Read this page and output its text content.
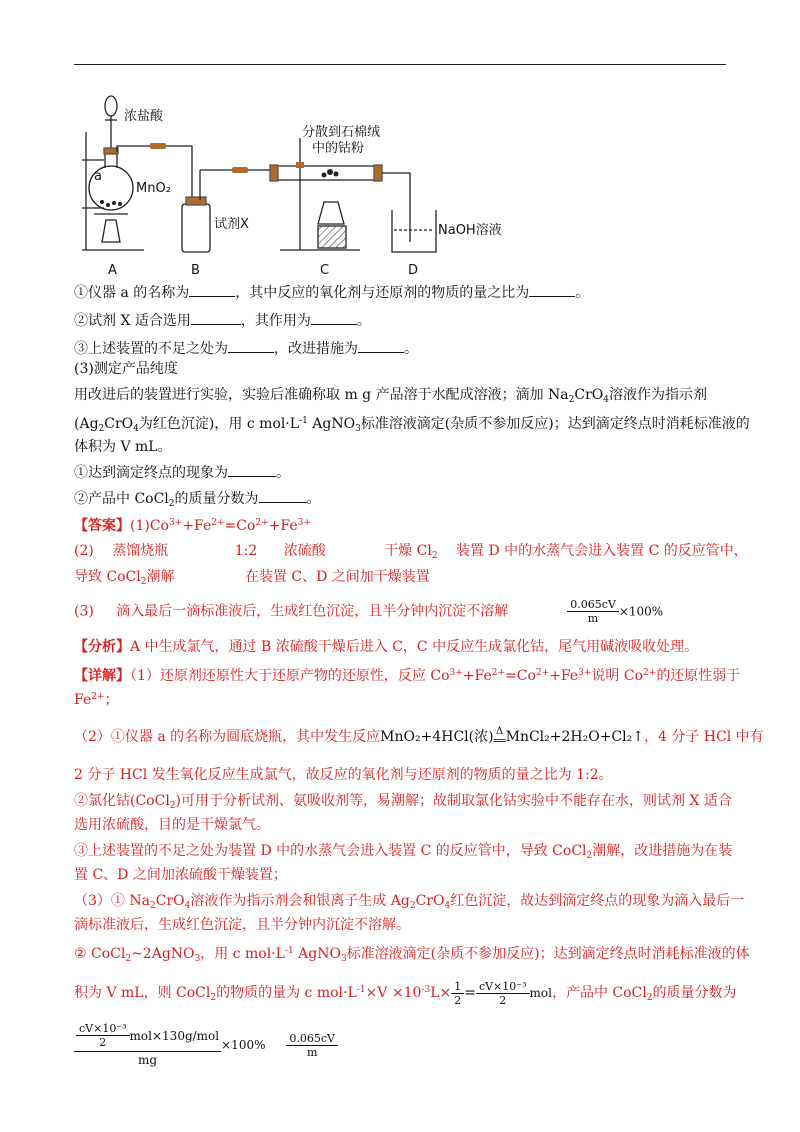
浓盐酸
分散到石棉绒
中的钴粉
MnO₂
a
试剂X	NaOH溶液
A	B	C	D
①仪器 a 的名称为	，其中反应的氧化剂与还原剂的物质的量之比为	。
②试剂 X 适合选用	，其作用为	。
③上述装置的不足之处为	，改进措施为	。
(3)测定产品纯度
用改进后的装置进行实验，实验后准确称取 m g 产品溶于水配成溶液；滴加 $Na_2CrO_4$溶液作为指示剂
($Ag_2CrO_4$为红色沉淀)，用 c $mol\cdot L^{-1}$ AgNO$_3$标准溶液滴定(杂质不参加反应)；达到滴定终点时消耗标准液的
体积为 V mL。
①达到滴定终点的现象为	。
②产品中 CoCl$_2$的质量分数为	。
【答案】$(1)Co^{3+}+Fe^{2+}=Co^{2+}+Fe^{3+}$
(2) 蒸馏烧瓶	1:2 浓硫酸	干燥 $Cl_2$ 装置 D 中的水蒸气会进入装置 C 的反应管中，
导致 CoCl$_2$潮解	在装置 C、D 之间加干燥装置
(3) 滴入最后一滴标准液后，生成红色沉淀，且半分钟内沉淀不溶解	$\frac{0.065cV}{m} \times 100\%$
【分析】A 中生成氯气，通过 B 浓硫酸干燥后进入 C，C 中反应生成氯化钴，尾气用碱液吸收处理。
【详解】（1）还原剂还原性大于还原产物的还原性，反应 $Co^{3+}+Fe^{2+}=Co^{2+}+Fe^{3+}$说明 $Co^{2+}$的还原性弱于
$Fe^{2+}$；
（2）①仪器 a 的名称为圆底烧瓶，其中发生反应MnO₂+4HCl(浓) Δ
══ MnCl₂+2H₂O+Cl₂↑，4 分子 HCl 中有
2 分子 HCl 发生氧化反应生成氯气，故反应的氧化剂与还原剂的物质的量之比为 1:2。
②氯化钴(CoCl$_2$)可用于分析试剂、氨吸收剂等，易潮解；故制取氯化钴实验中不能存在水，则试剂 X 适合
选用浓硫酸，目的是干燥氯气。
③上述装置的不足之处为装置 D 中的水蒸气会进入装置 C 的反应管中，导致 CoCl$_2$潮解，改进措施为在装
置 C、D 之间加浓硫酸干燥装置；
（3）① $Na_2CrO_4$溶液作为指示剂会和银离子生成 $Ag_2CrO_4$红色沉淀，故达到滴定终点的现象为滴入最后一
滴标准液后，生成红色沉淀，且半分钟内沉淀不溶解。
② CoCl$_2$~2AgNO$_3$，用 c $mol\cdot L^{-1}$ AgNO$_3$标准溶液滴定(杂质不参加反应)；达到滴定终点时消耗标准液的体
积为 V mL，则 CoCl$_2$的物质的量为 c $mol\cdot L^{-1}\times V \times 10^{-3}L\times \frac{1}{2} = \frac{\text{cV×10⁻³}}{2}$ mol，产品中 CoCl$_2$的质量分数为
$\frac{\frac{\text{cV×10⁻³}}{2} mol\times 130g/mol}{mg} \times 100\% \frac{0.065cV}{m}$
